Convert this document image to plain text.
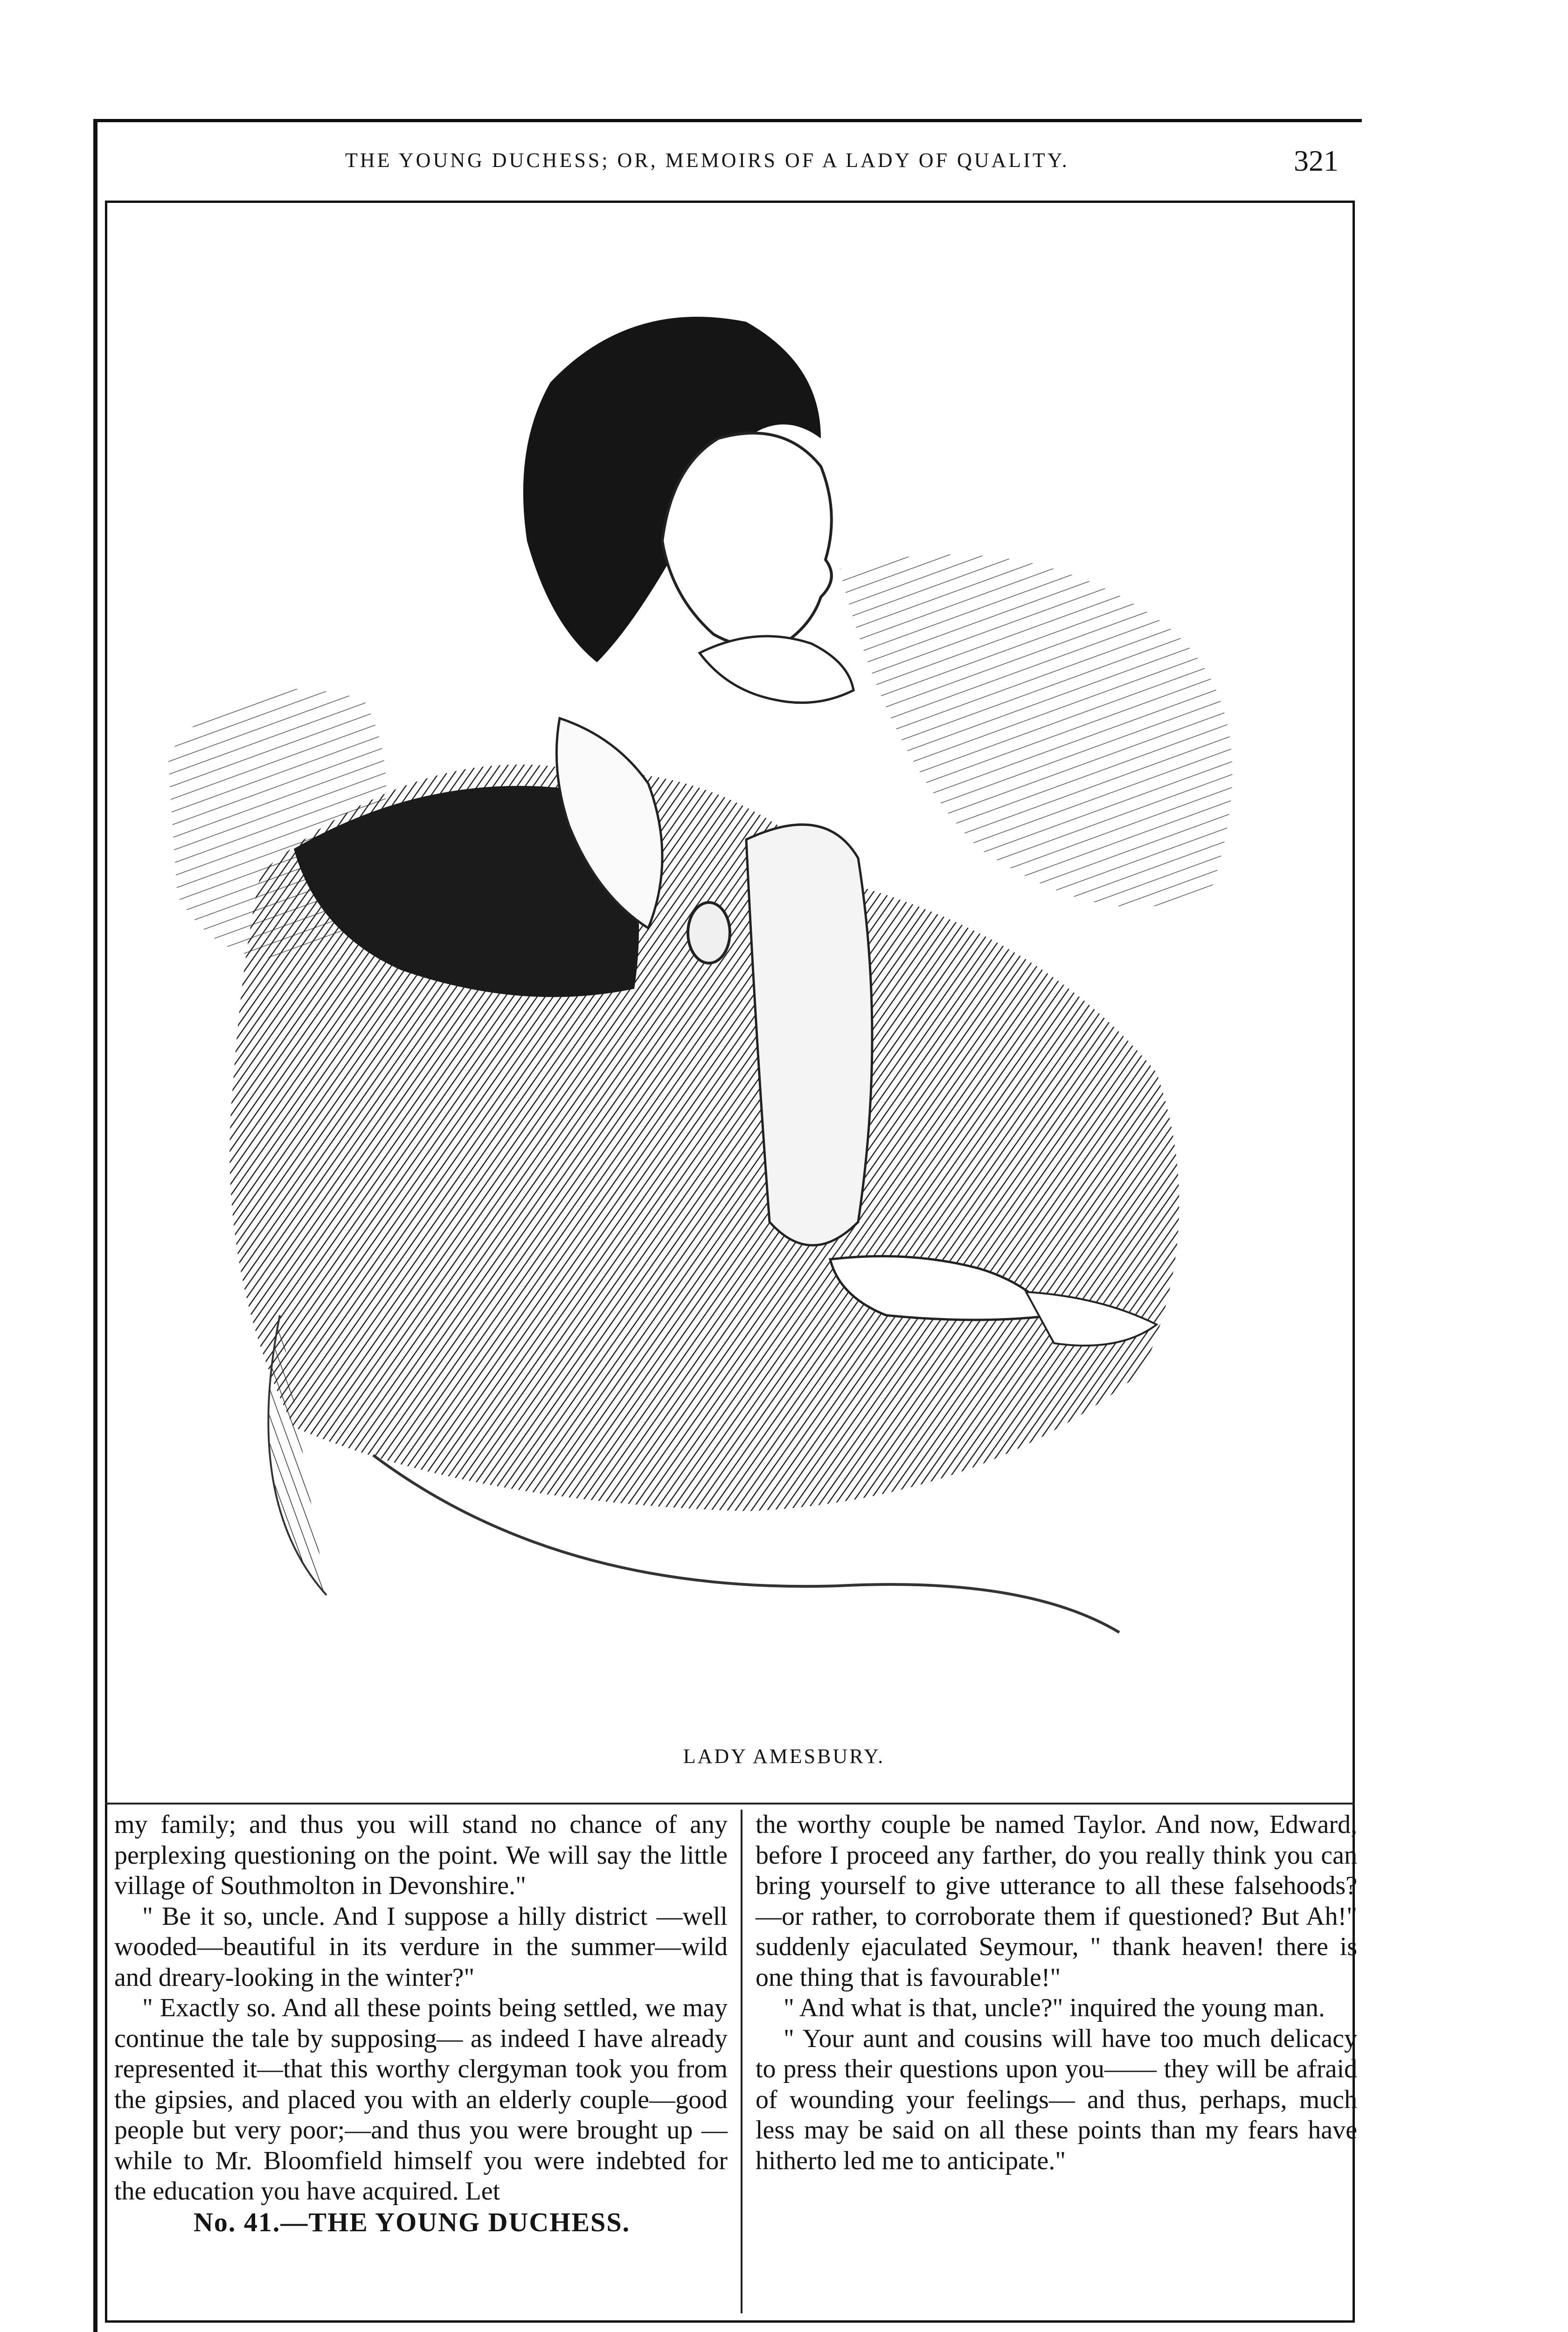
THE YOUNG DUCHESS; OR, MEMOIRS OF A LADY OF QUALITY.	321
LADY AMESBURY.

my family; and thus you will stand no chance of any perplexing questioning on the point. We will say the little village of Southmolton in Devonshire."

" Be it so, uncle. And I suppose a hilly district —well wooded—beautiful in its verdure in the summer—wild and dreary-looking in the winter?"

" Exactly so. And all these points being settled, we may continue the tale by supposing— as indeed I have already represented it—that this worthy clergyman took you from the gipsies, and placed you with an elderly couple—good people but very poor;—and thus you were brought up —while to Mr. Bloomfield himself you were indebted for the education you have acquired. Let

No. 41.—THE YOUNG DUCHESS.

the worthy couple be named Taylor. And now, Edward, before I proceed any farther, do you really think you can bring yourself to give utterance to all these falsehoods?—or rather, to corroborate them if questioned? But Ah!" suddenly ejaculated Seymour, " thank heaven! there is one thing that is favourable!"

" And what is that, uncle?" inquired the young man.

" Your aunt and cousins will have too much delicacy to press their questions upon you—— they will be afraid of wounding your feelings— and thus, perhaps, much less may be said on all these points than my fears have hitherto led me to anticipate."
